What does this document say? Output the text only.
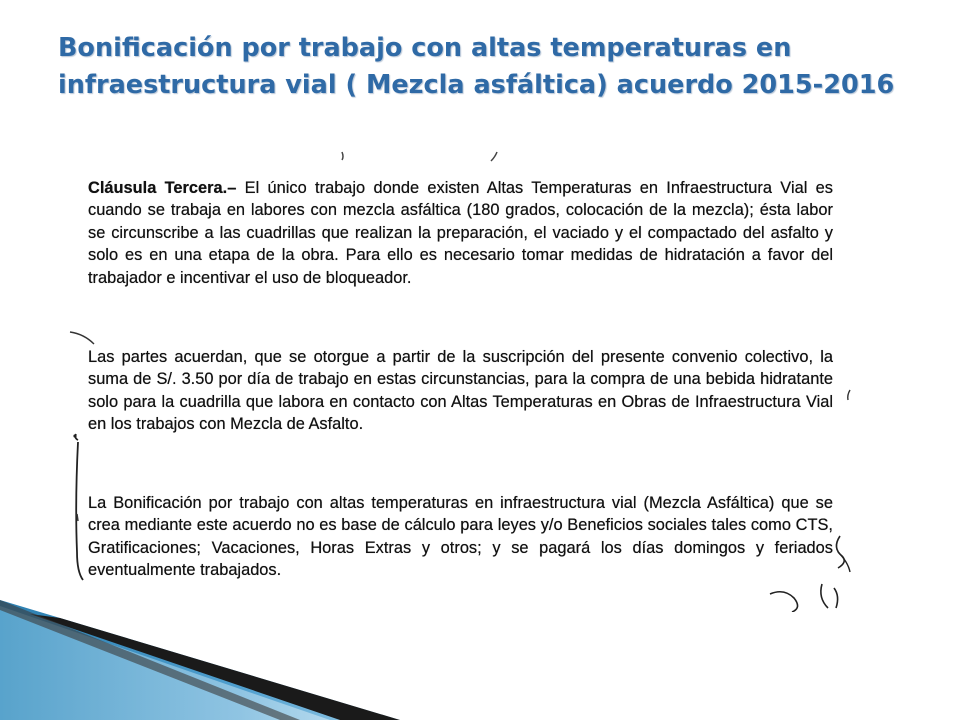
Bonificación por trabajo con altas temperaturas en infraestructura vial ( Mezcla asfáltica) acuerdo 2015-2016
Cláusula Tercera.– El único trabajo donde existen Altas Temperaturas en Infraestructura Vial es cuando se trabaja en labores con mezcla asfáltica (180 grados, colocación de la mezcla); ésta labor se circunscribe a las cuadrillas que realizan la preparación, el vaciado y el compactado del asfalto y solo es en una etapa de la obra. Para ello es necesario tomar medidas de hidratación a favor del trabajador e incentivar el uso de bloqueador.
Las partes acuerdan, que se otorgue a partir de la suscripción del presente convenio colectivo, la suma de S/. 3.50 por día de trabajo en estas circunstancias, para la compra de una bebida hidratante solo para la cuadrilla que labora en contacto con Altas Temperaturas en Obras de Infraestructura Vial en los trabajos con Mezcla de Asfalto.
La Bonificación por trabajo con altas temperaturas en infraestructura vial (Mezcla Asfáltica) que se crea mediante este acuerdo no es base de cálculo para leyes y/o Beneficios sociales tales como CTS, Gratificaciones; Vacaciones, Horas Extras y otros; y se pagará los días domingos y feriados eventualmente trabajados.
